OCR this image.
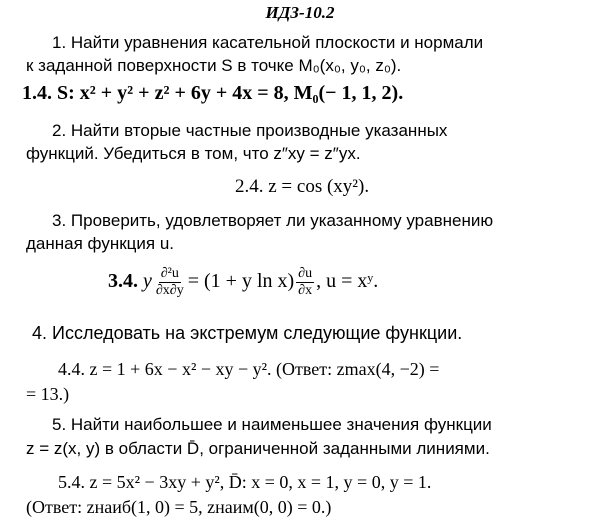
ИДЗ-10.2
1. Найти уравнения касательной плоскости и нормали
к заданной поверхности S в точке M₀(x₀, y₀, z₀).
1.4. S: x² + y² + z² + 6y + 4x = 8, M₀(− 1, 1, 2).
2. Найти вторые частные производные указанных
функций. Убедиться в том, что z″xy = z″yx.
2.4. z = cos (xy²).
3. Проверить, удовлетворяет ли указанному уравнению
данная функция u.
3.4. y $\frac{\text{∂²u}}{\partial x\partial y} = (1 + y$ $\ln x) \frac{\partial u}{\partial x}$ , u = xʸ.
4. Исследовать на экстремум следующие функции.
4.4. z = 1 + 6x − x² − xy − y². (Ответ: zmax(4, −2) =
= 13.)
5. Найти наибольшее и наименьшее значения функции
z = z(x, y) в области D̄, ограниченной заданными линиями.
5.4. z = 5x² − 3xy + y², D̄: x = 0, x = 1, y = 0, y = 1.
(Ответ: zнаиб(1, 0) = 5, zнаим(0, 0) = 0.)
